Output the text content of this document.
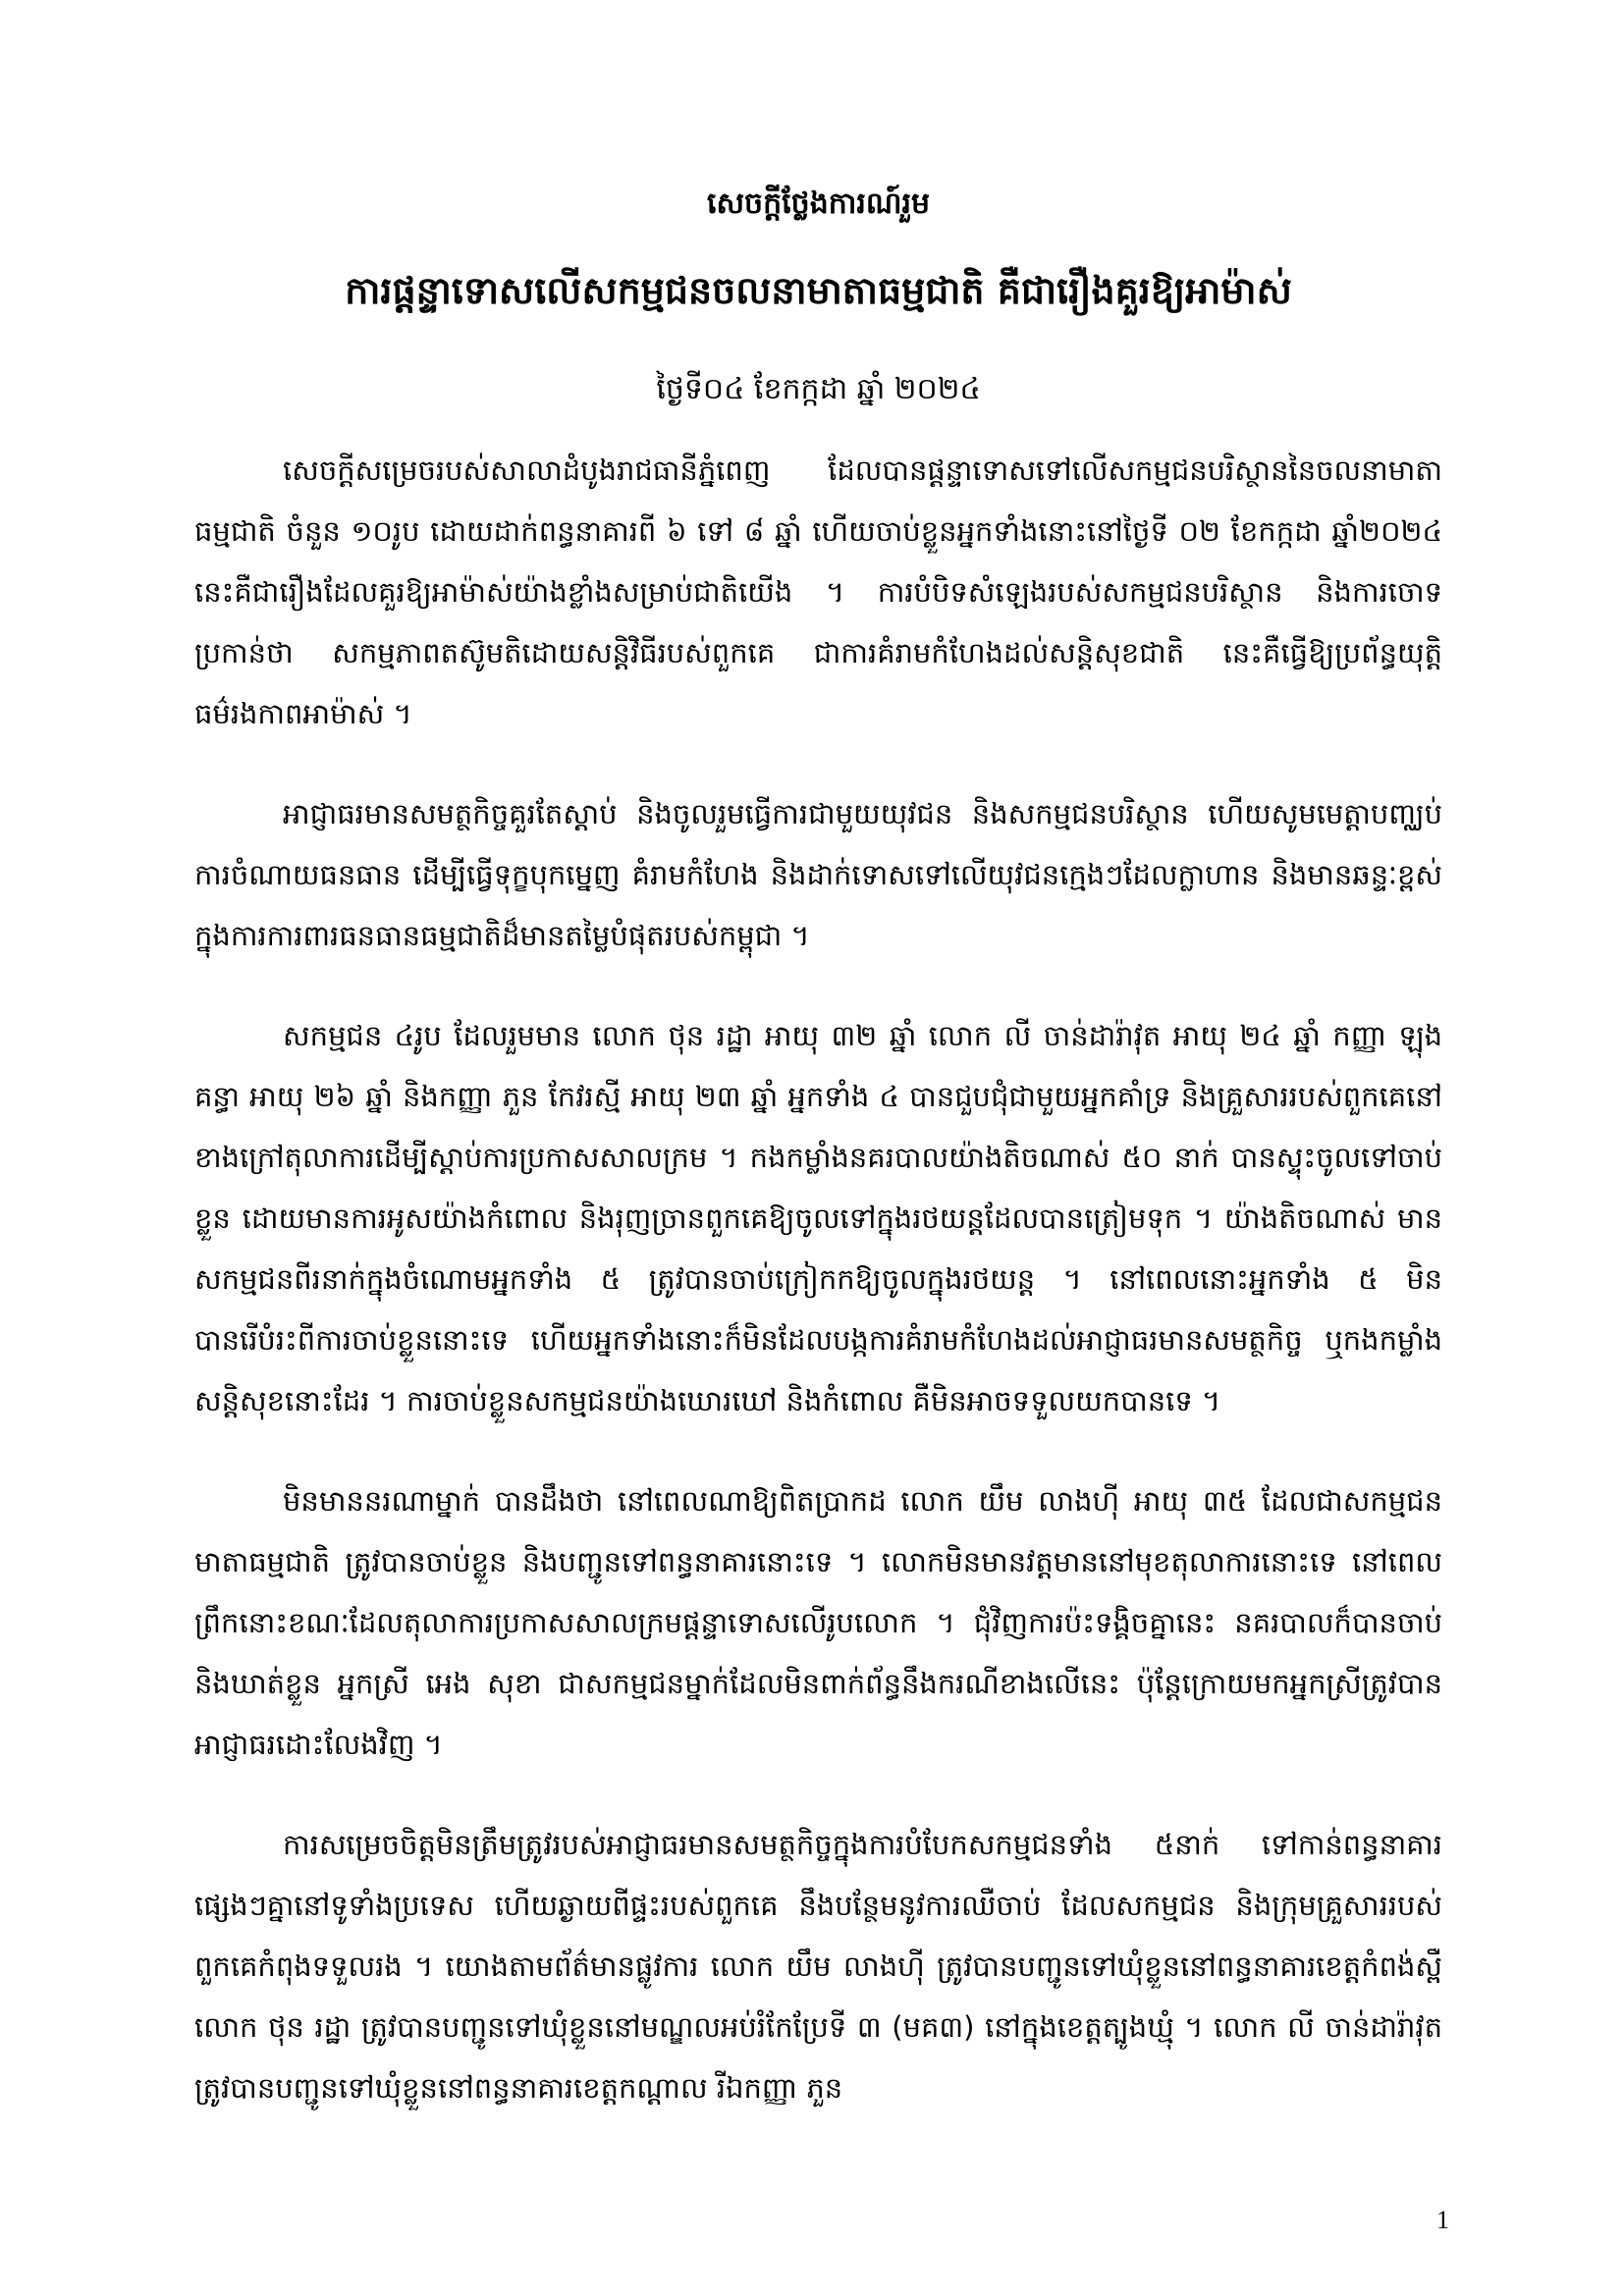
សេចក្តីថ្លែងការណ៍រួម
ការផ្តន្ទាទោសលើសកម្មជនចលនាមាតាធម្មជាតិ គឺជារឿងគួរឱ្យអាម៉ាស់
ថ្ងៃទី០៤ ខែកក្កដា ឆ្នាំ ២០២៤

សេចក្តីសម្រេចរបស់សាលាដំបូងរាជធានីភ្នំពេញ ដែលបានផ្តន្ទាទោសទៅលើសកម្មជនបរិស្ថាននៃចលនាមាតាធម្មជាតិ ចំនួន ១០រូប ដោយដាក់ពន្ធនាគារពី ៦ ទៅ ៨ ឆ្នាំ ហើយចាប់ខ្លួនអ្នកទាំងនោះនៅថ្ងៃទី ០២ ខែកក្កដា ឆ្នាំ២០២៤ នេះគឺជារឿងដែលគួរឱ្យអាម៉ាស់យ៉ាងខ្លាំងសម្រាប់ជាតិយើង ។ ការបំបិទសំឡេងរបស់សកម្មជនបរិស្ថាន និងការចោទប្រកាន់ថា សកម្មភាពតស៊ូមតិដោយសន្តិវិធីរបស់ពួកគេ ជាការគំរាមកំហែងដល់សន្តិសុខជាតិ នេះគឺធ្វើឱ្យប្រព័ន្ធយុត្តិធម៌រងកាពអាម៉ាស់ ។

អាជ្ញាធរមានសមត្ថកិច្ចគួរតែស្តាប់ និងចូលរួមធ្វើការជាមួយយុវជន និងសកម្មជនបរិស្ថាន ហើយសូមមេត្តាបញ្ឈប់ការចំណាយធនធាន ដើម្បីធ្វើទុក្ខបុកម្នេញ គំរាមកំហែង និងដាក់ទោសទៅលើយុវជនក្មេងៗដែលក្លាហាន និងមានឆន្ទៈខ្ពស់ក្នុងការការពារធនធានធម្មជាតិដ៏មានតម្លៃបំផុតរបស់កម្ពុជា ។

សកម្មជន ៤រូប ដែលរួមមាន លោក ថុន រដ្ឋា អាយុ ៣២ ឆ្នាំ លោក លី ចាន់ដារ៉ាវុត អាយុ ២៤ ឆ្នាំ កញ្ញា ឡុង គន្ធា អាយុ ២៦ ឆ្នាំ និងកញ្ញា ភួន កែវរស្មី អាយុ ២៣ ឆ្នាំ អ្នកទាំង ៤ បានជួបជុំជាមួយអ្នកគាំទ្រ និងគ្រួសាររបស់ពួកគេនៅខាងក្រៅតុលាការដើម្បីស្តាប់ការប្រកាសសាលក្រម ។ កងកម្លាំងនគរបាលយ៉ាងតិចណាស់ ៥០ នាក់ បានស្ទុះចូលទៅចាប់ខ្លួន ដោយមានការអូសយ៉ាងកំពោល និងរុញច្រានពួកគេឱ្យចូលទៅក្នុងរថយន្តដែលបានត្រៀមទុក ។ យ៉ាងតិចណាស់ មានសកម្មជនពីរនាក់ក្នុងចំណោមអ្នកទាំង ៥ ត្រូវបានចាប់ក្រៀកកឱ្យចូលក្នុងរថយន្ត ។ នៅពេលនោះអ្នកទាំង ៥ មិនបានរើបំរះពីការចាប់ខ្លួននោះទេ ហើយអ្នកទាំងនោះក៏មិនដែលបង្កការគំរាមកំហែងដល់អាជ្ញាធរមានសមត្ថកិច្ច ឬកងកម្លាំងសន្តិសុខនោះដែរ ។ ការចាប់ខ្លួនសកម្មជនយ៉ាងឃោរឃៅ និងកំពោល គឺមិនអាចទទួលយកបានទេ ។

មិនមាននរណាម្នាក់ បានដឹងថា នៅពេលណាឱ្យពិតប្រាកដ លោក យឹម លាងហ៊ី អាយុ ៣៥ ដែលជាសកម្មជនមាតាធម្មជាតិ ត្រូវបានចាប់ខ្លួន និងបញ្ជូនទៅពន្ធនាគារនោះទេ ។ លោកមិនមានវត្តមាននៅមុខតុលាការនោះទេ នៅពេលព្រឹកនោះខណៈដែលតុលាការប្រកាសសាលក្រមផ្តន្ទាទោសលើរូបលោក ។ ជុំវិញការប៉ះទង្គិចគ្នានេះ នគរបាលក៏បានចាប់ និងឃាត់ខ្លួន អ្នកស្រី អេង សុខា ជាសកម្មជនម្នាក់ដែលមិនពាក់ព័ន្ធនឹងករណីខាងលើនេះ ប៉ុន្តែក្រោយមកអ្នកស្រីត្រូវបានអាជ្ញាធរដោះលែងវិញ ។

ការសម្រេចចិត្តមិនត្រឹមត្រូវរបស់អាជ្ញាធរមានសមត្ថកិច្ចក្នុងការបំបែកសកម្មជនទាំង ៥នាក់ ទៅកាន់ពន្ធនាគារផ្សេងៗគ្នានៅទូទាំងប្រទេស ហើយឆ្ងាយពីផ្ទះរបស់ពួកគេ នឹងបន្ថែមនូវការឈឺចាប់ ដែលសកម្មជន និងក្រុមគ្រួសាររបស់ពួកគេកំពុងទទួលរង ។ យោងតាមព័ត៌មានផ្លូវការ លោក យឹម លាងហ៊ី ត្រូវបានបញ្ជូនទៅឃុំខ្លួននៅពន្ធនាគារខេត្តកំពង់ស្ពឺ លោក ថុន រដ្ឋា ត្រូវបានបញ្ជូនទៅឃុំខ្លួននៅមណ្ឌលអប់រំកែប្រែទី ៣ (មគ៣) នៅក្នុងខេត្តត្បូងឃ្មុំ ។ លោក លី ចាន់ដារ៉ាវុត ត្រូវបានបញ្ជូនទៅឃុំខ្លួននៅពន្ធនាគារខេត្តកណ្តាល រីឯកញ្ញា ភួន

1
